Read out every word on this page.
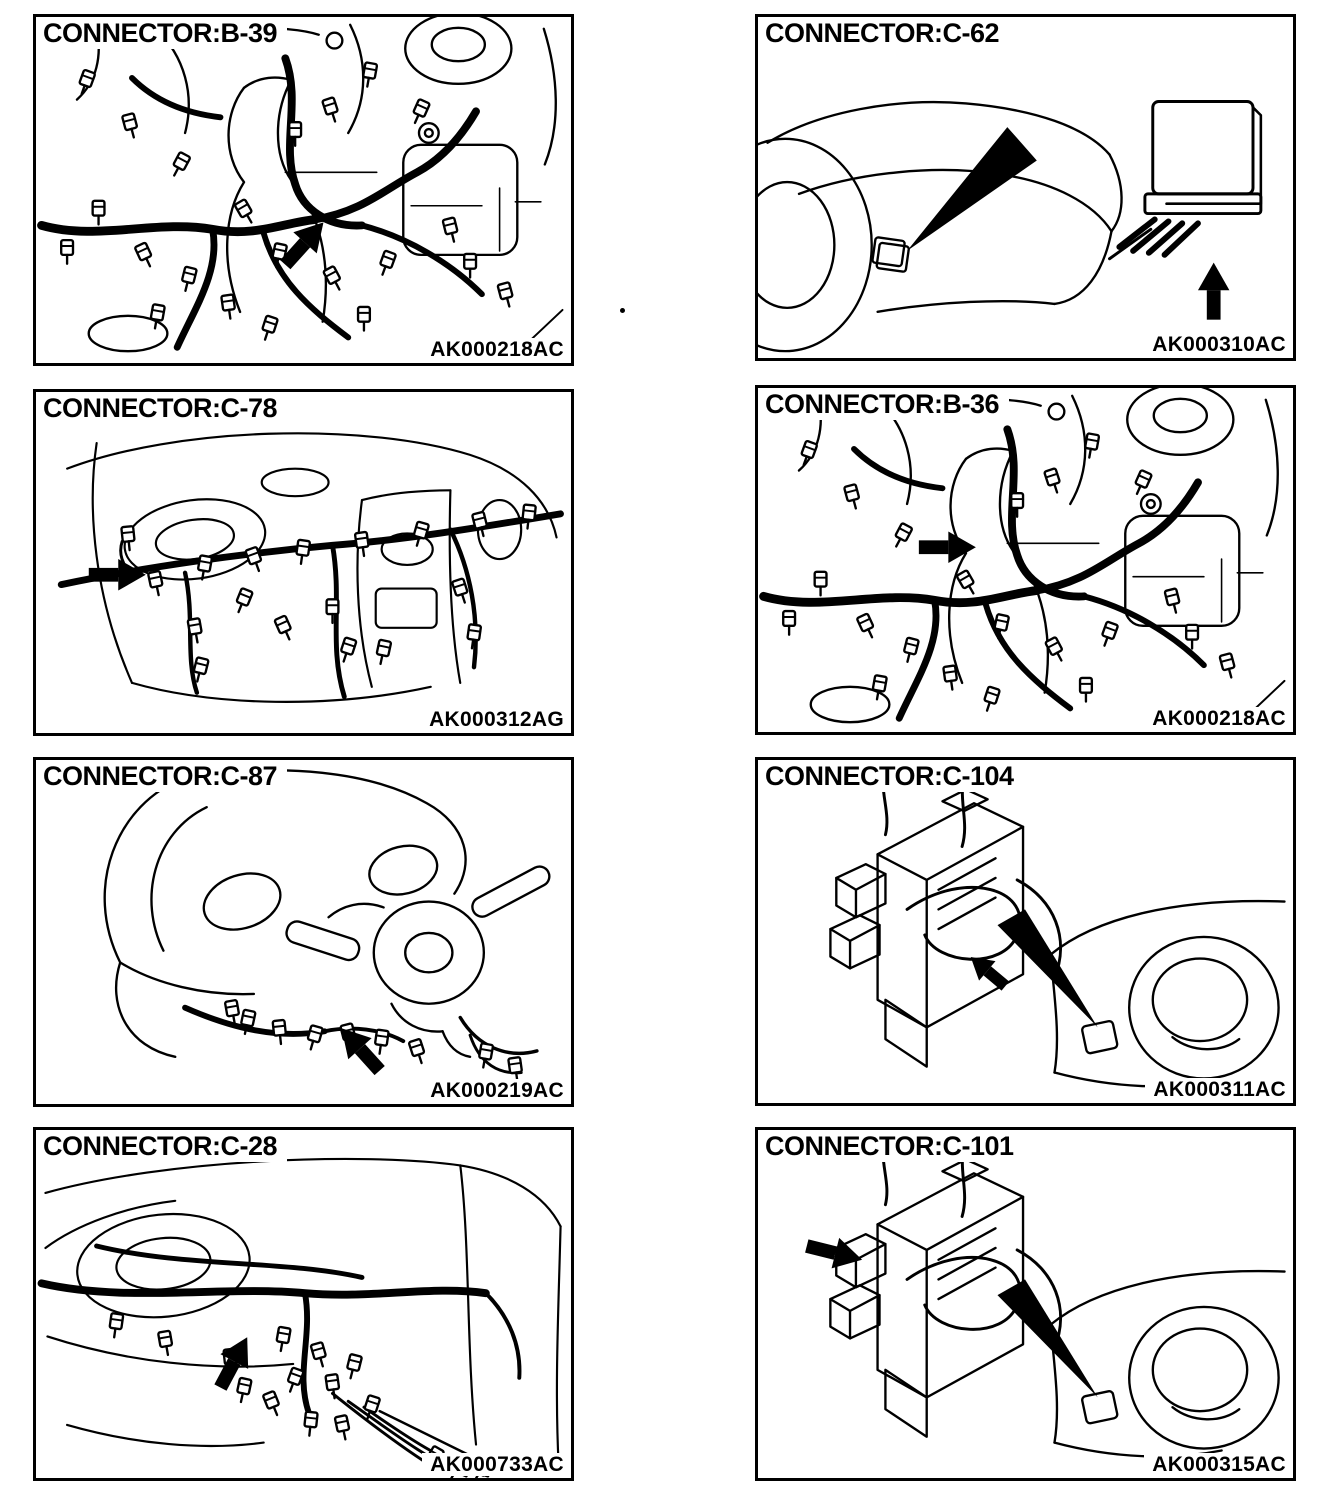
CONNECTOR:B-39
AK000218AC
CONNECTOR:C-62
AK000310AC
CONNECTOR:C-78
AK000312AG
CONNECTOR:B-36
AK000218AC
CONNECTOR:C-87
AK000219AC
CONNECTOR:C-104
AK000311AC
CONNECTOR:C-28
AK000733AC
CONNECTOR:C-101
AK000315AC
